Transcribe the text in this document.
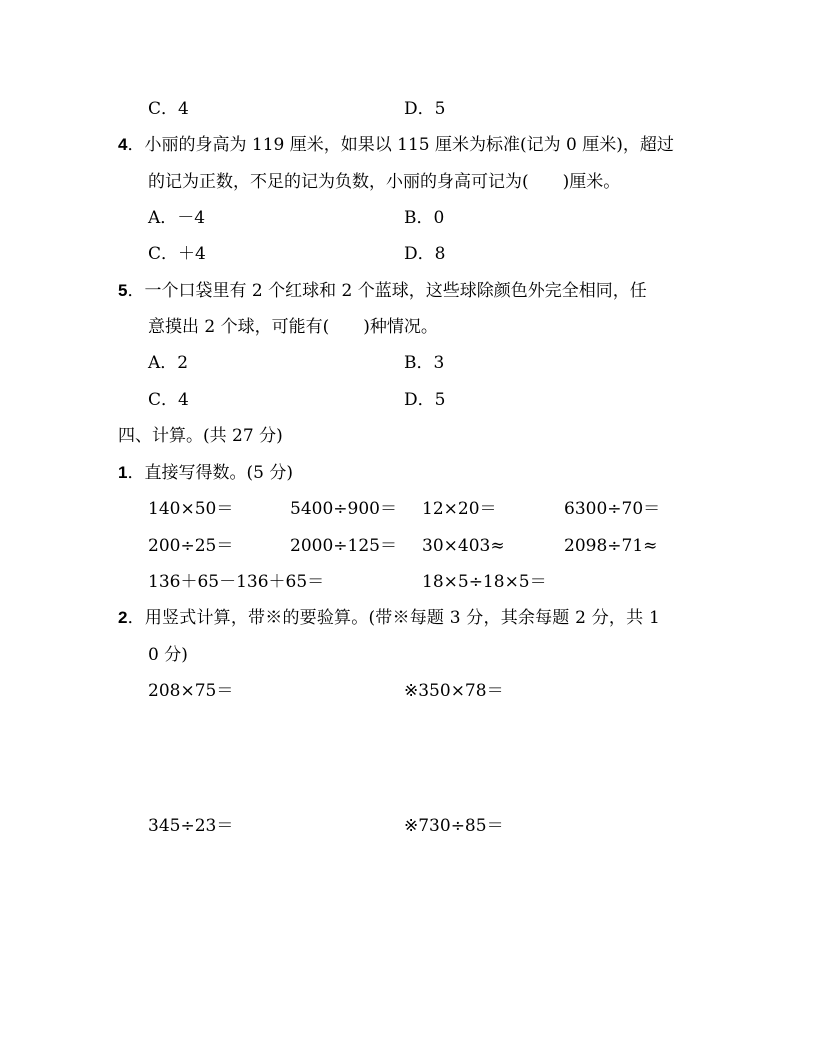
C．4	D．5
4．小丽的身高为 119 厘米，如果以 115 厘米为标准(记为 0 厘米)，超过
的记为正数，不足的记为负数，小丽的身高可记为(　　)厘米。
A．－4	B．0
C．＋4	D．8
5．一个口袋里有 2 个红球和 2 个蓝球，这些球除颜色外完全相同，任
意摸出 2 个球，可能有(　　)种情况。
A．2	B．3
C．4	D．5
四、计算。(共 27 分)
1．直接写得数。(5 分)
140×50＝	5400÷900＝ 12×20＝	6300÷70＝
200÷25＝	2000÷125＝ 30×403≈	2098÷71≈
136＋65－136＋65＝	18×5÷18×5＝
2．用竖式计算，带※的要验算。(带※每题 3 分，其余每题 2 分，共 1
0 分)
208×75＝	※350×78＝
345÷23＝	※730÷85＝
